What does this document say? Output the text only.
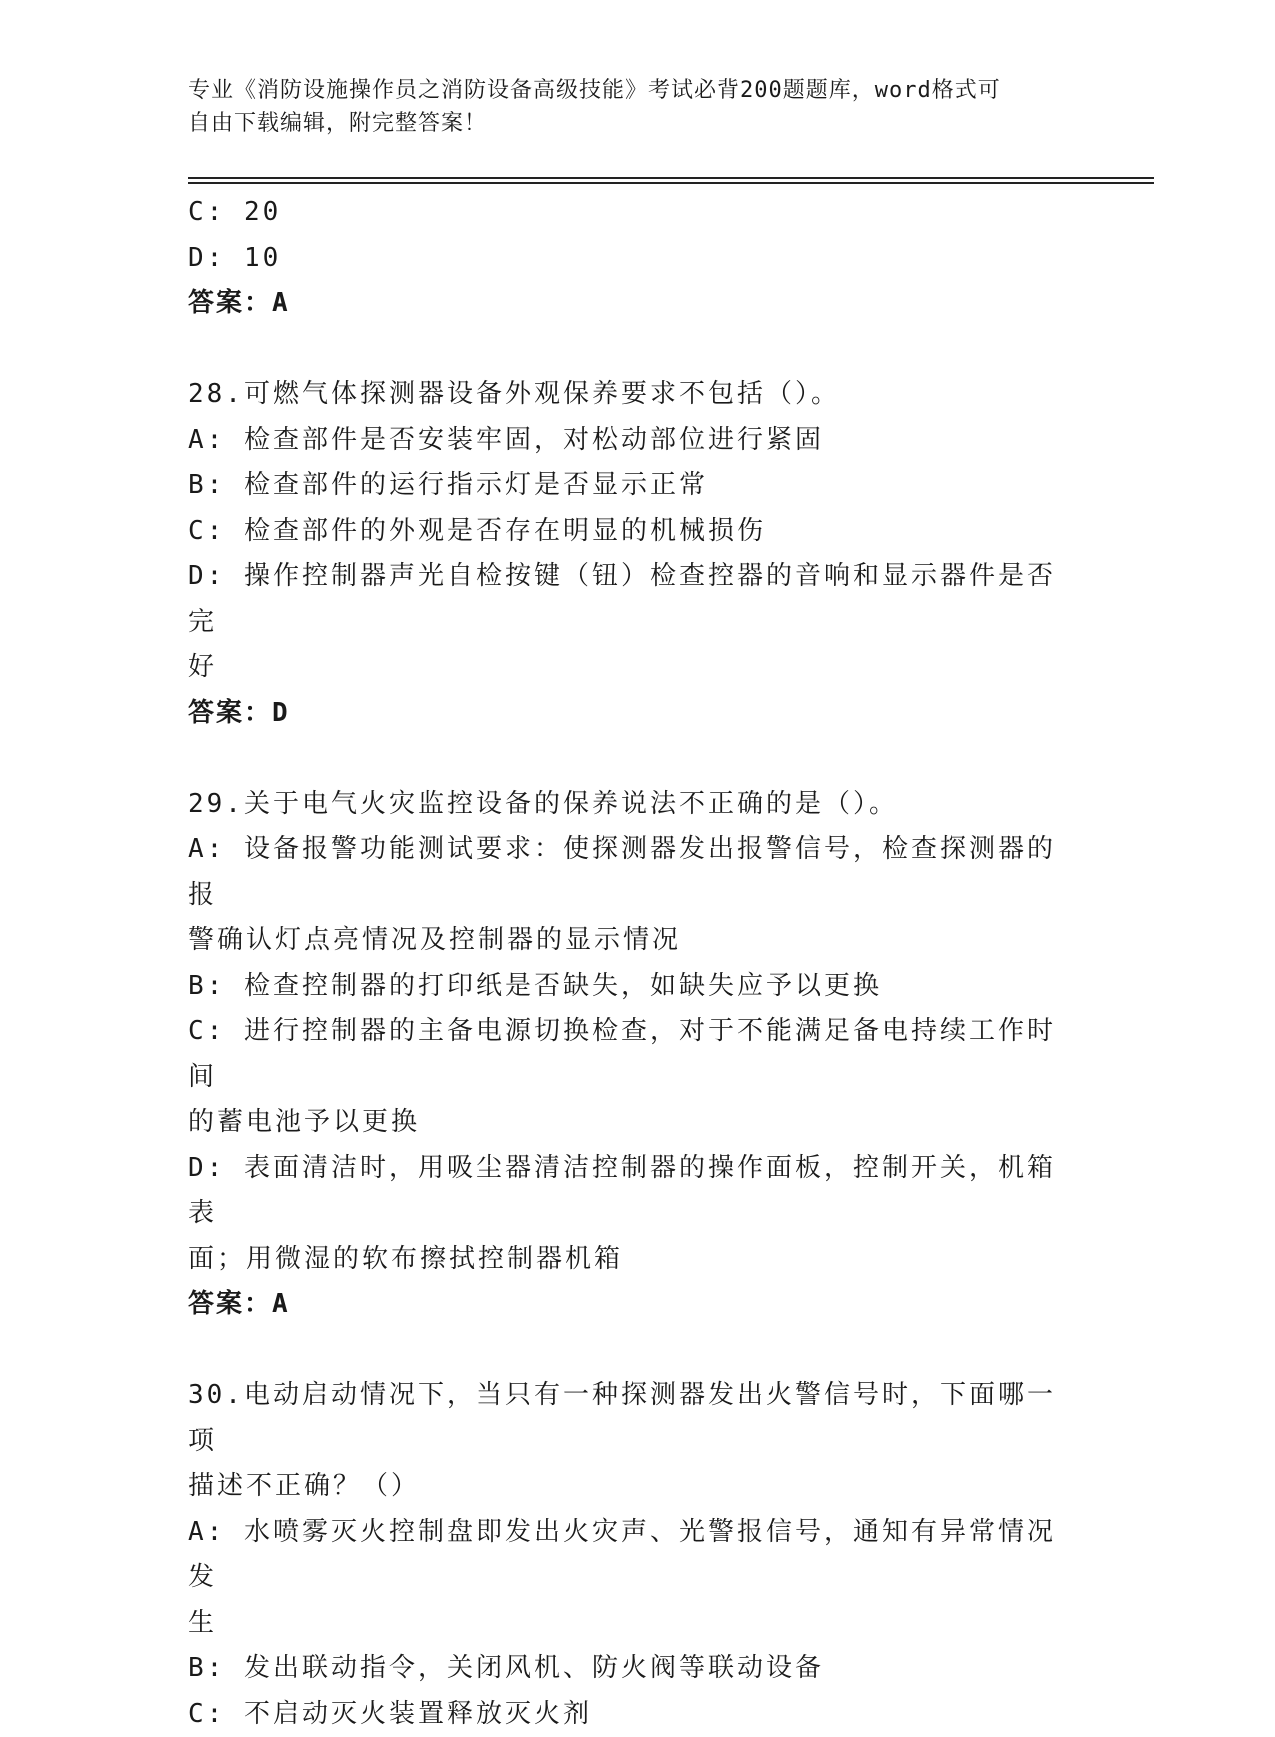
专业《消防设施操作员之消防设备高级技能》考试必背200题题库，word格式可
自由下载编辑，附完整答案！
C: 20
D: 10
答案：A
28.可燃气体探测器设备外观保养要求不包括（）。
A: 检查部件是否安装牢固，对松动部位进行紧固
B: 检查部件的运行指示灯是否显示正常
C: 检查部件的外观是否存在明显的机械损伤
D: 操作控制器声光自检按键（钮）检查控器的音响和显示器件是否完
好
答案：D
29.关于电气火灾监控设备的保养说法不正确的是（）。
A: 设备报警功能测试要求：使探测器发出报警信号，检查探测器的报
警确认灯点亮情况及控制器的显示情况
B: 检查控制器的打印纸是否缺失，如缺失应予以更换
C: 进行控制器的主备电源切换检查，对于不能满足备电持续工作时间
的蓄电池予以更换
D: 表面清洁时，用吸尘器清洁控制器的操作面板，控制开关，机箱表
面；用微湿的软布擦拭控制器机箱
答案：A
30.电动启动情况下，当只有一种探测器发出火警信号时，下面哪一项
描述不正确？（）
A: 水喷雾灭火控制盘即发出火灾声、光警报信号，通知有异常情况发
生
B: 发出联动指令，关闭风机、防火阀等联动设备
C: 不启动灭火装置释放灭火剂
